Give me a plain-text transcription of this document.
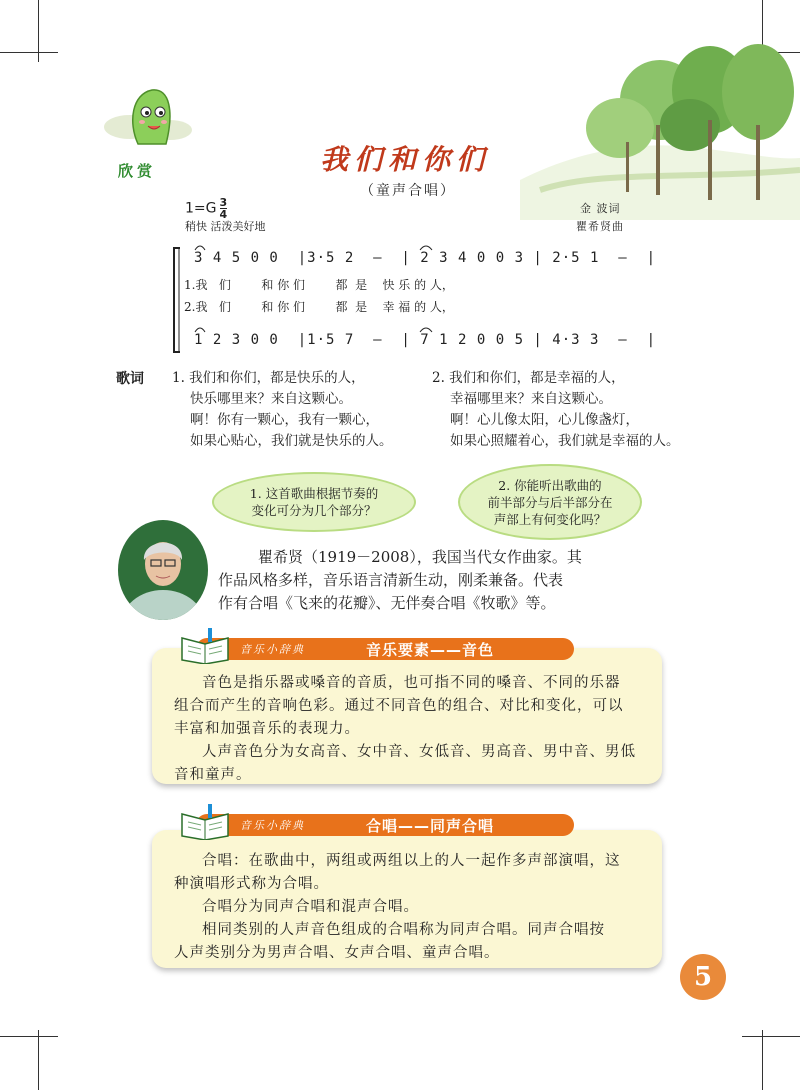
欣赏	我们和你们
（童声合唱）
$1=G \frac{3}{4}$
稍快 活泼美好地
金 波词
瞿希贤曲
3 4 5 0 0  |3·5 2  –  | 2 3 4 0 0 3 | 2·5 1  –  |
1.我   们        和 你 们        都  是    快 乐 的 人，
2.我   们        和 你 们        都  是    幸 福 的 人，
1 2 3 0 0  |1·5 7  –  | 7 1 2 0 0 5 | 4·3 3  –  |
歌词 1. 我们和你们，都是快乐的人，
快乐哪里来？来自这颗心。
啊！你有一颗心，我有一颗心，
如果心贴心，我们就是快乐的人。
2. 我们和你们，都是幸福的人，
幸福哪里来？来自这颗心。
啊！心儿像太阳，心儿像盏灯，
如果心照耀着心，我们就是幸福的人。
1. 这首歌曲根据节奏的
变化可分为几个部分？
2. 你能听出歌曲的
前半部分与后半部分在
声部上有何变化吗？
瞿希贤（1919－2008），我国当代女作曲家。其
作品风格多样，音乐语言清新生动，刚柔兼备。代表
作有合唱《飞来的花瓣》、无伴奏合唱《牧歌》等。
音色是指乐器或嗓音的音质，也可指不同的嗓音、不同的乐器
组合而产生的音响色彩。通过不同音色的组合、对比和变化，可以
丰富和加强音乐的表现力。
人声音色分为女高音、女中音、女低音、男高音、男中音、男低
音和童声。
音乐小辞典	音乐要素——音色
合唱：在歌曲中，两组或两组以上的人一起作多声部演唱，这
种演唱形式称为合唱。
合唱分为同声合唱和混声合唱。
相同类别的人声音色组成的合唱称为同声合唱。同声合唱按
人声类别分为男声合唱、女声合唱、童声合唱。
音乐小辞典	合唱——同声合唱
5
